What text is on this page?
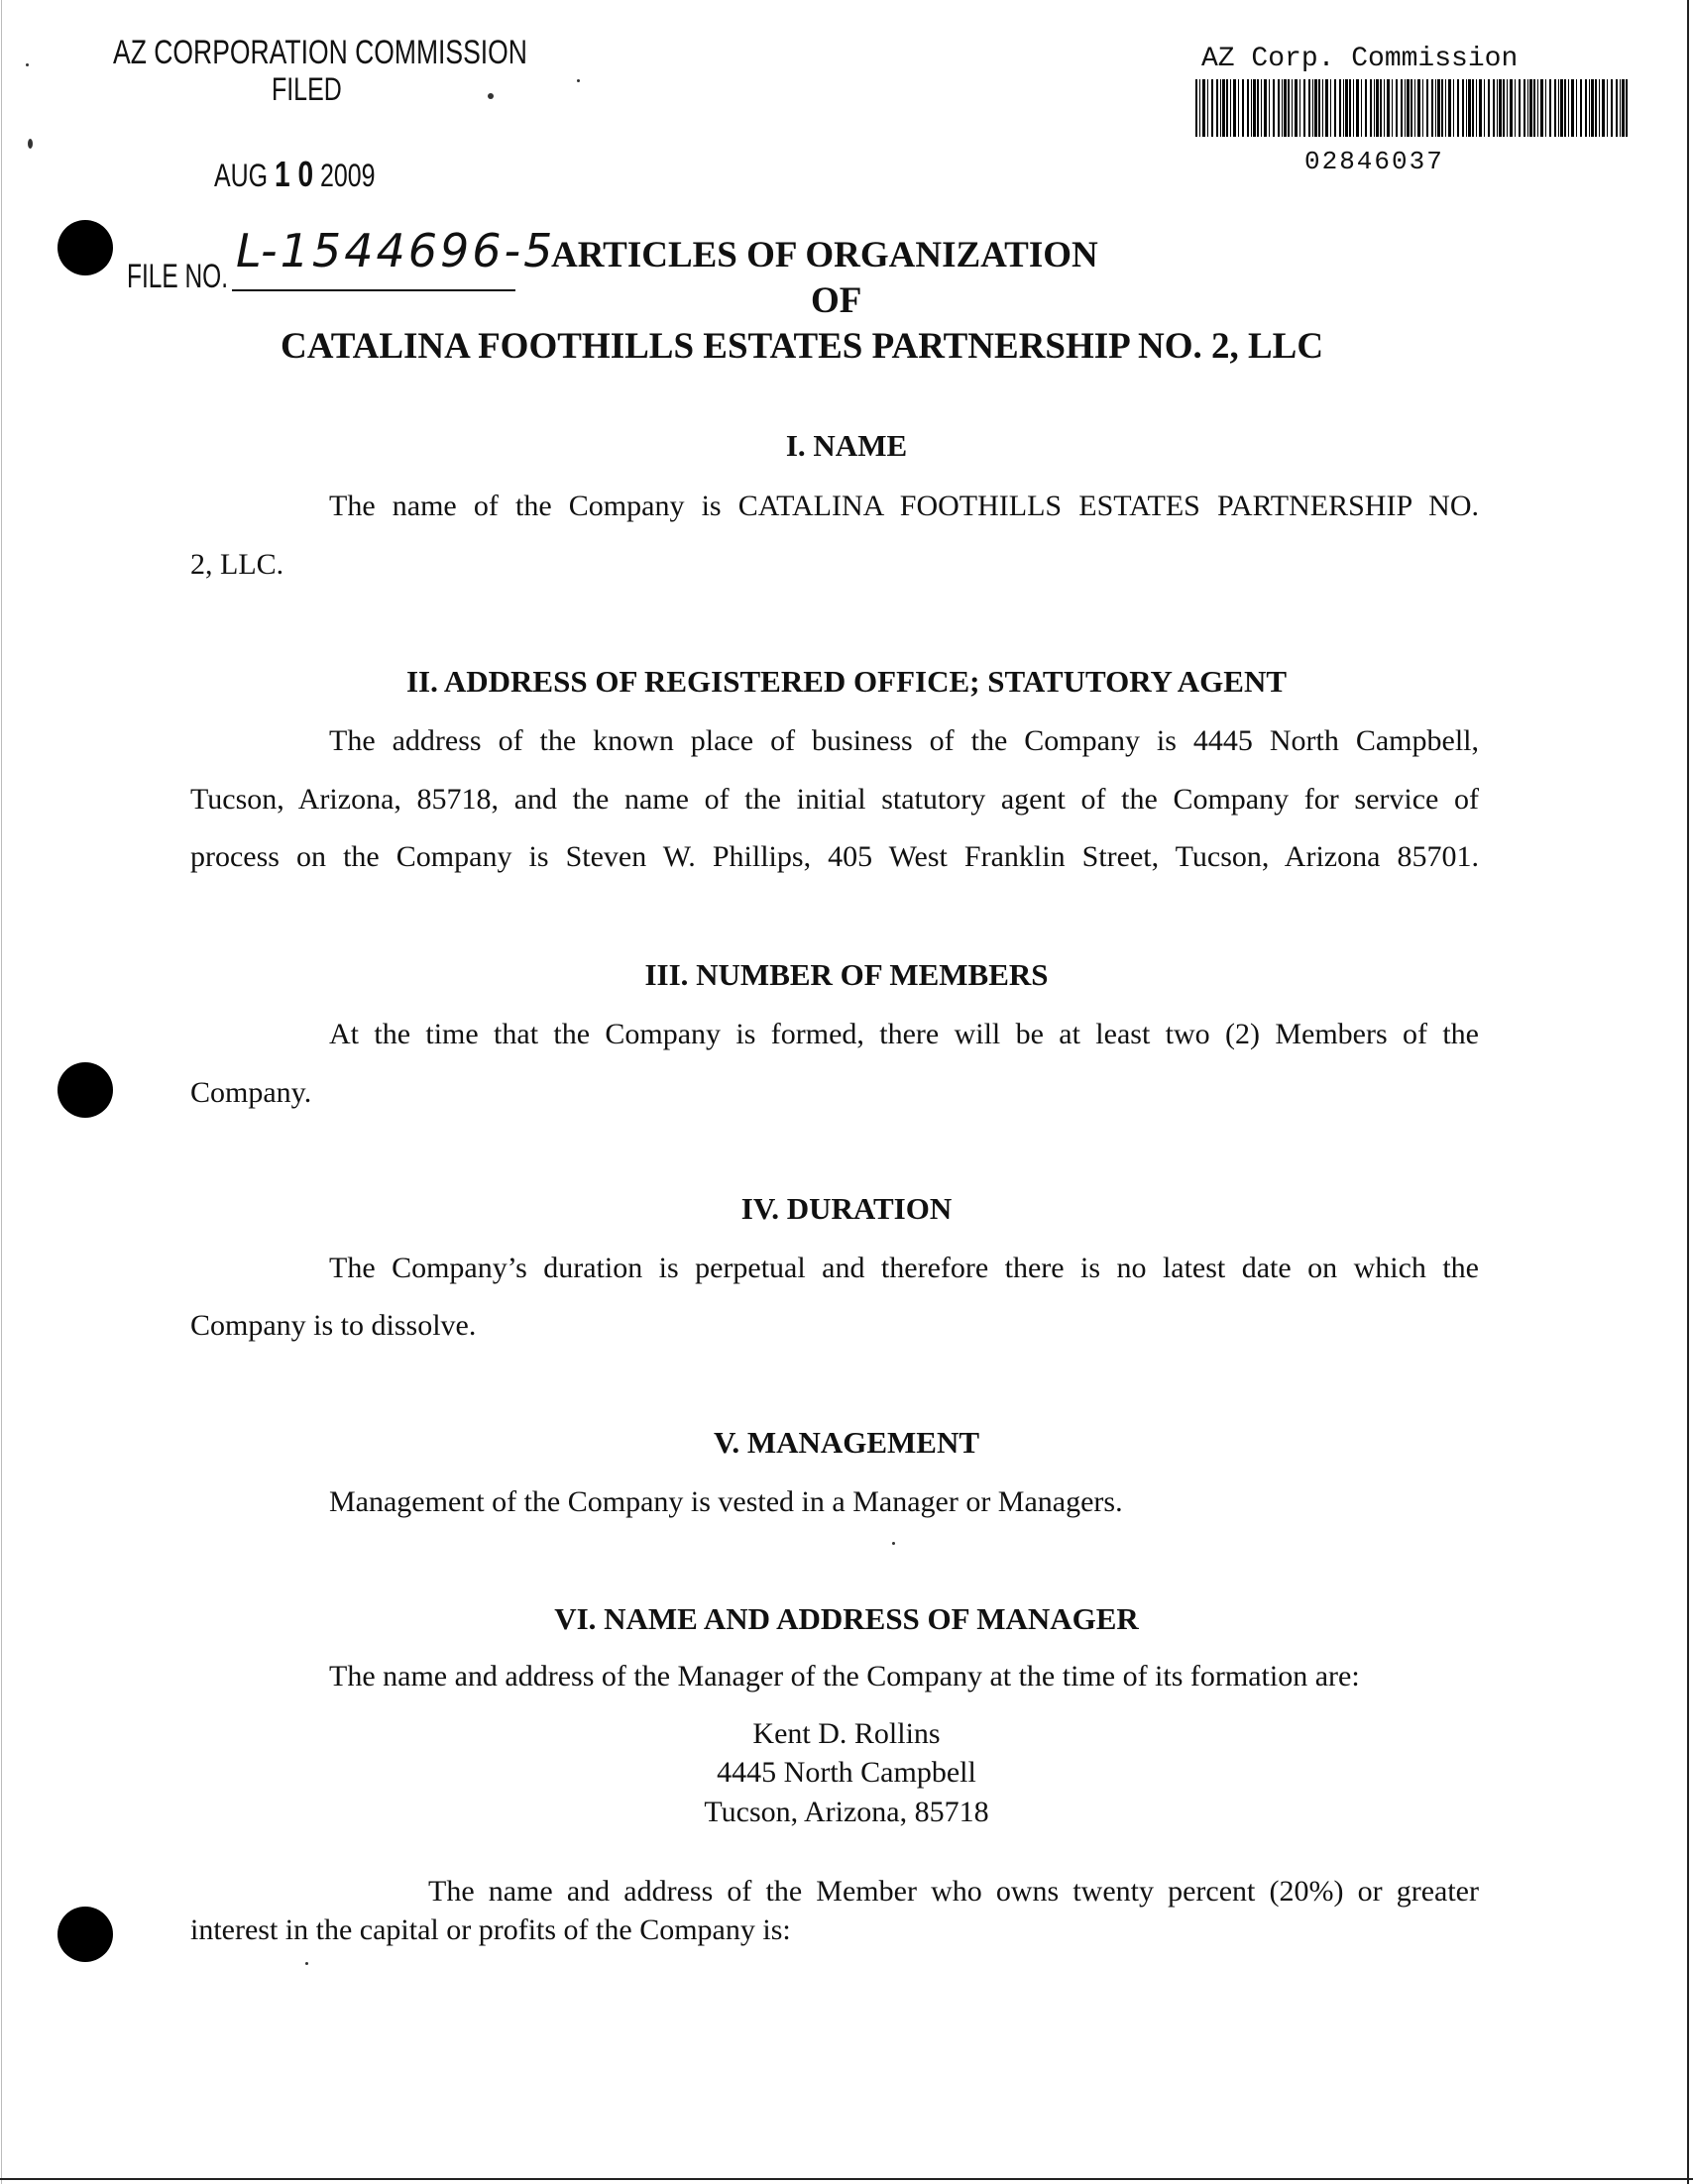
AZ CORPORATION COMMISSION
FILED
AUG 1 0 2009
AZ Corp. Commission
02846037
FILE NO. L-1544696-5
ARTICLES OF ORGANIZATION
OF
CATALINA FOOTHILLS ESTATES PARTNERSHIP NO. 2, LLC
I. NAME
The name of the Company is CATALINA FOOTHILLS ESTATES PARTNERSHIP NO.
2, LLC.
II. ADDRESS OF REGISTERED OFFICE; STATUTORY AGENT
The address of the known place of business of the Company is 4445 North Campbell,
Tucson, Arizona, 85718, and the name of the initial statutory agent of the Company for service of
process on the Company is Steven W. Phillips, 405 West Franklin Street, Tucson, Arizona 85701.
III. NUMBER OF MEMBERS
At the time that the Company is formed, there will be at least two (2) Members of the
Company.
IV. DURATION
The Company’s duration is perpetual and therefore there is no latest date on which the
Company is to dissolve.
V. MANAGEMENT
Management of the Company is vested in a Manager or Managers.
VI. NAME AND ADDRESS OF MANAGER
The name and address of the Manager of the Company at the time of its formation are:
Kent D. Rollins
4445 North Campbell
Tucson, Arizona, 85718
The name and address of the Member who owns twenty percent (20%) or greater
interest in the capital or profits of the Company is:
